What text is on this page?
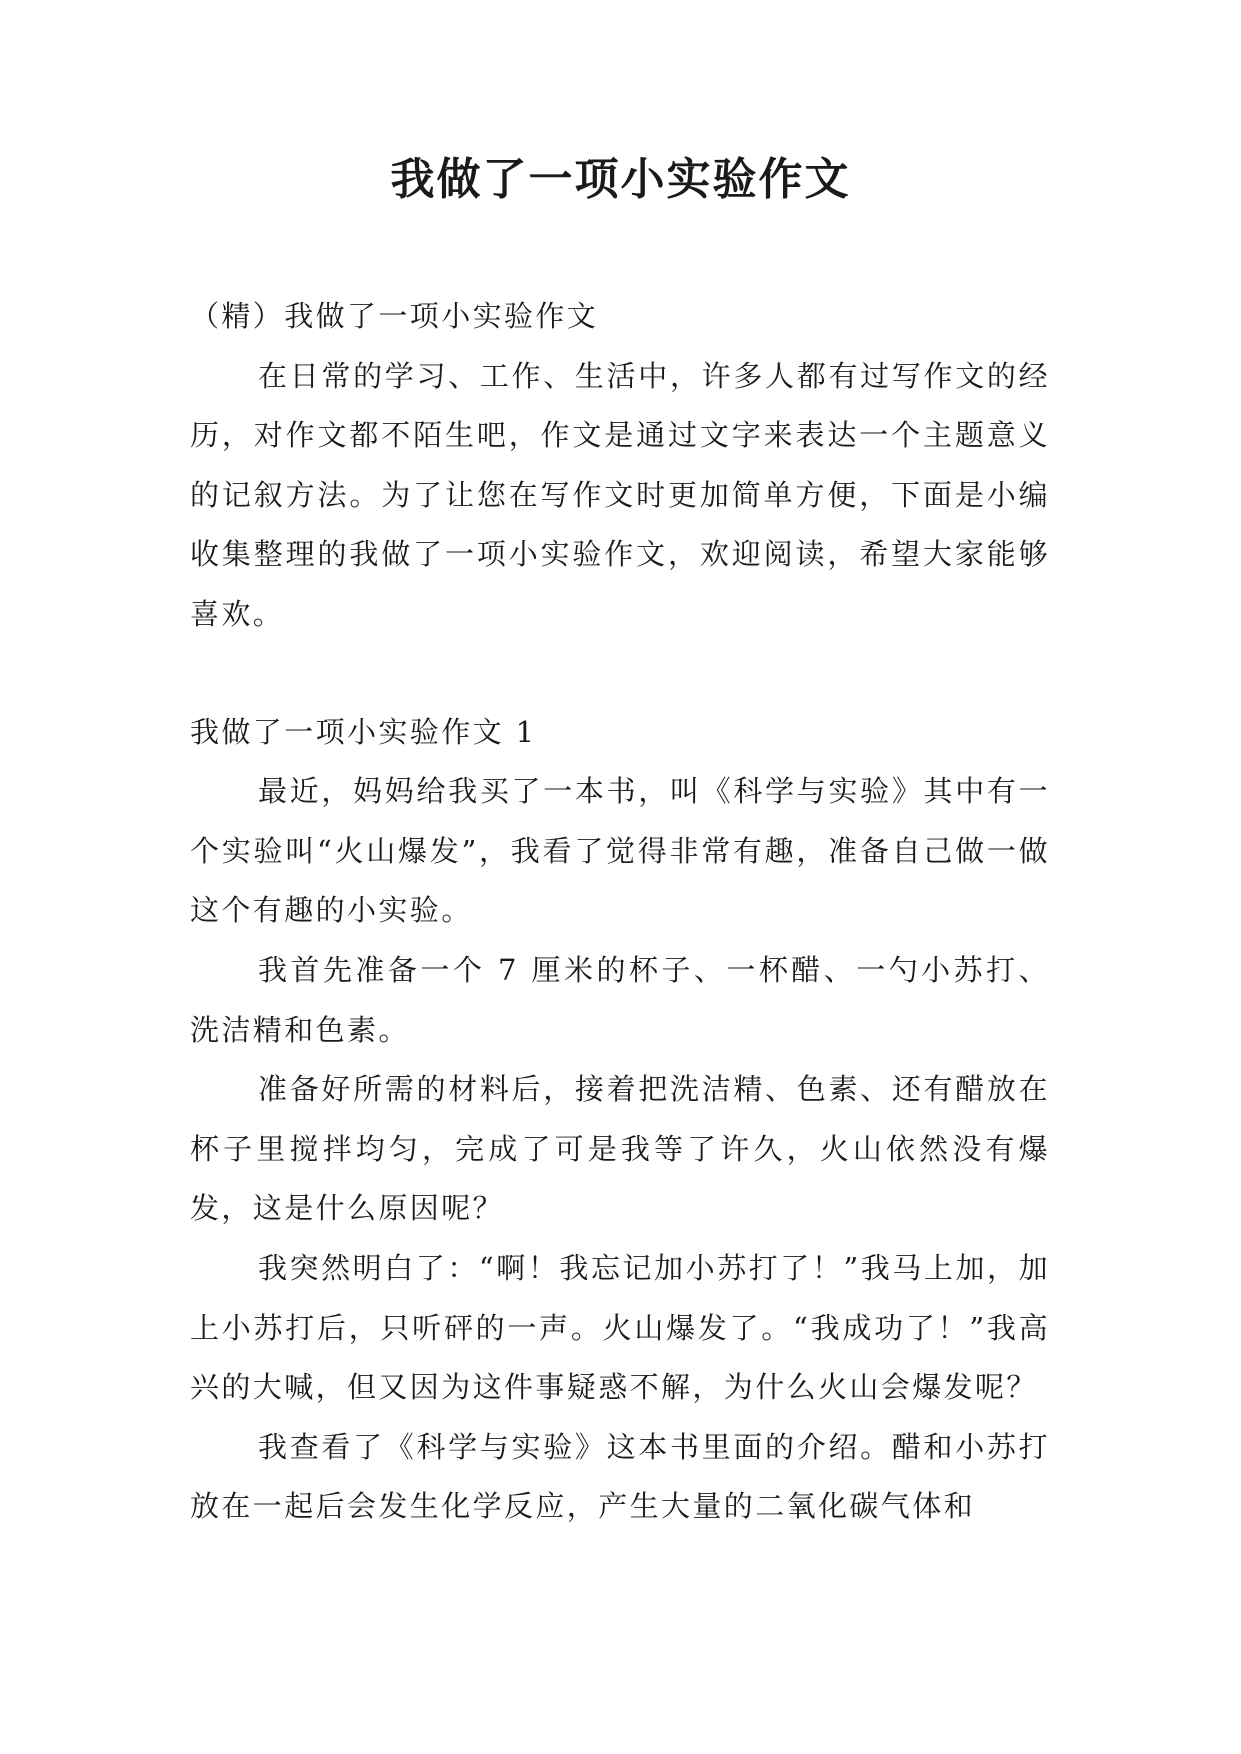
我做了一项小实验作文

（精）我做了一项小实验作文

在日常的学习、工作、生活中，许多人都有过写作文的经历，对作文都不陌生吧，作文是通过文字来表达一个主题意义的记叙方法。为了让您在写作文时更加简单方便，下面是小编收集整理的我做了一项小实验作文，欢迎阅读，希望大家能够喜欢。

我做了一项小实验作文 1

最近，妈妈给我买了一本书，叫《科学与实验》其中有一个实验叫“火山爆发”，我看了觉得非常有趣，准备自己做一做这个有趣的小实验。

我首先准备一个 7 厘米的杯子、一杯醋、一勺小苏打、洗洁精和色素。

准备好所需的材料后，接着把洗洁精、色素、还有醋放在杯子里搅拌均匀，完成了可是我等了许久，火山依然没有爆发，这是什么原因呢？

我突然明白了：“啊！我忘记加小苏打了！”我马上加，加上小苏打后，只听砰的一声。火山爆发了。“我成功了！”我高兴的大喊，但又因为这件事疑惑不解，为什么火山会爆发呢？

我查看了《科学与实验》这本书里面的介绍。醋和小苏打放在一起后会发生化学反应，产生大量的二氧化碳气体和
